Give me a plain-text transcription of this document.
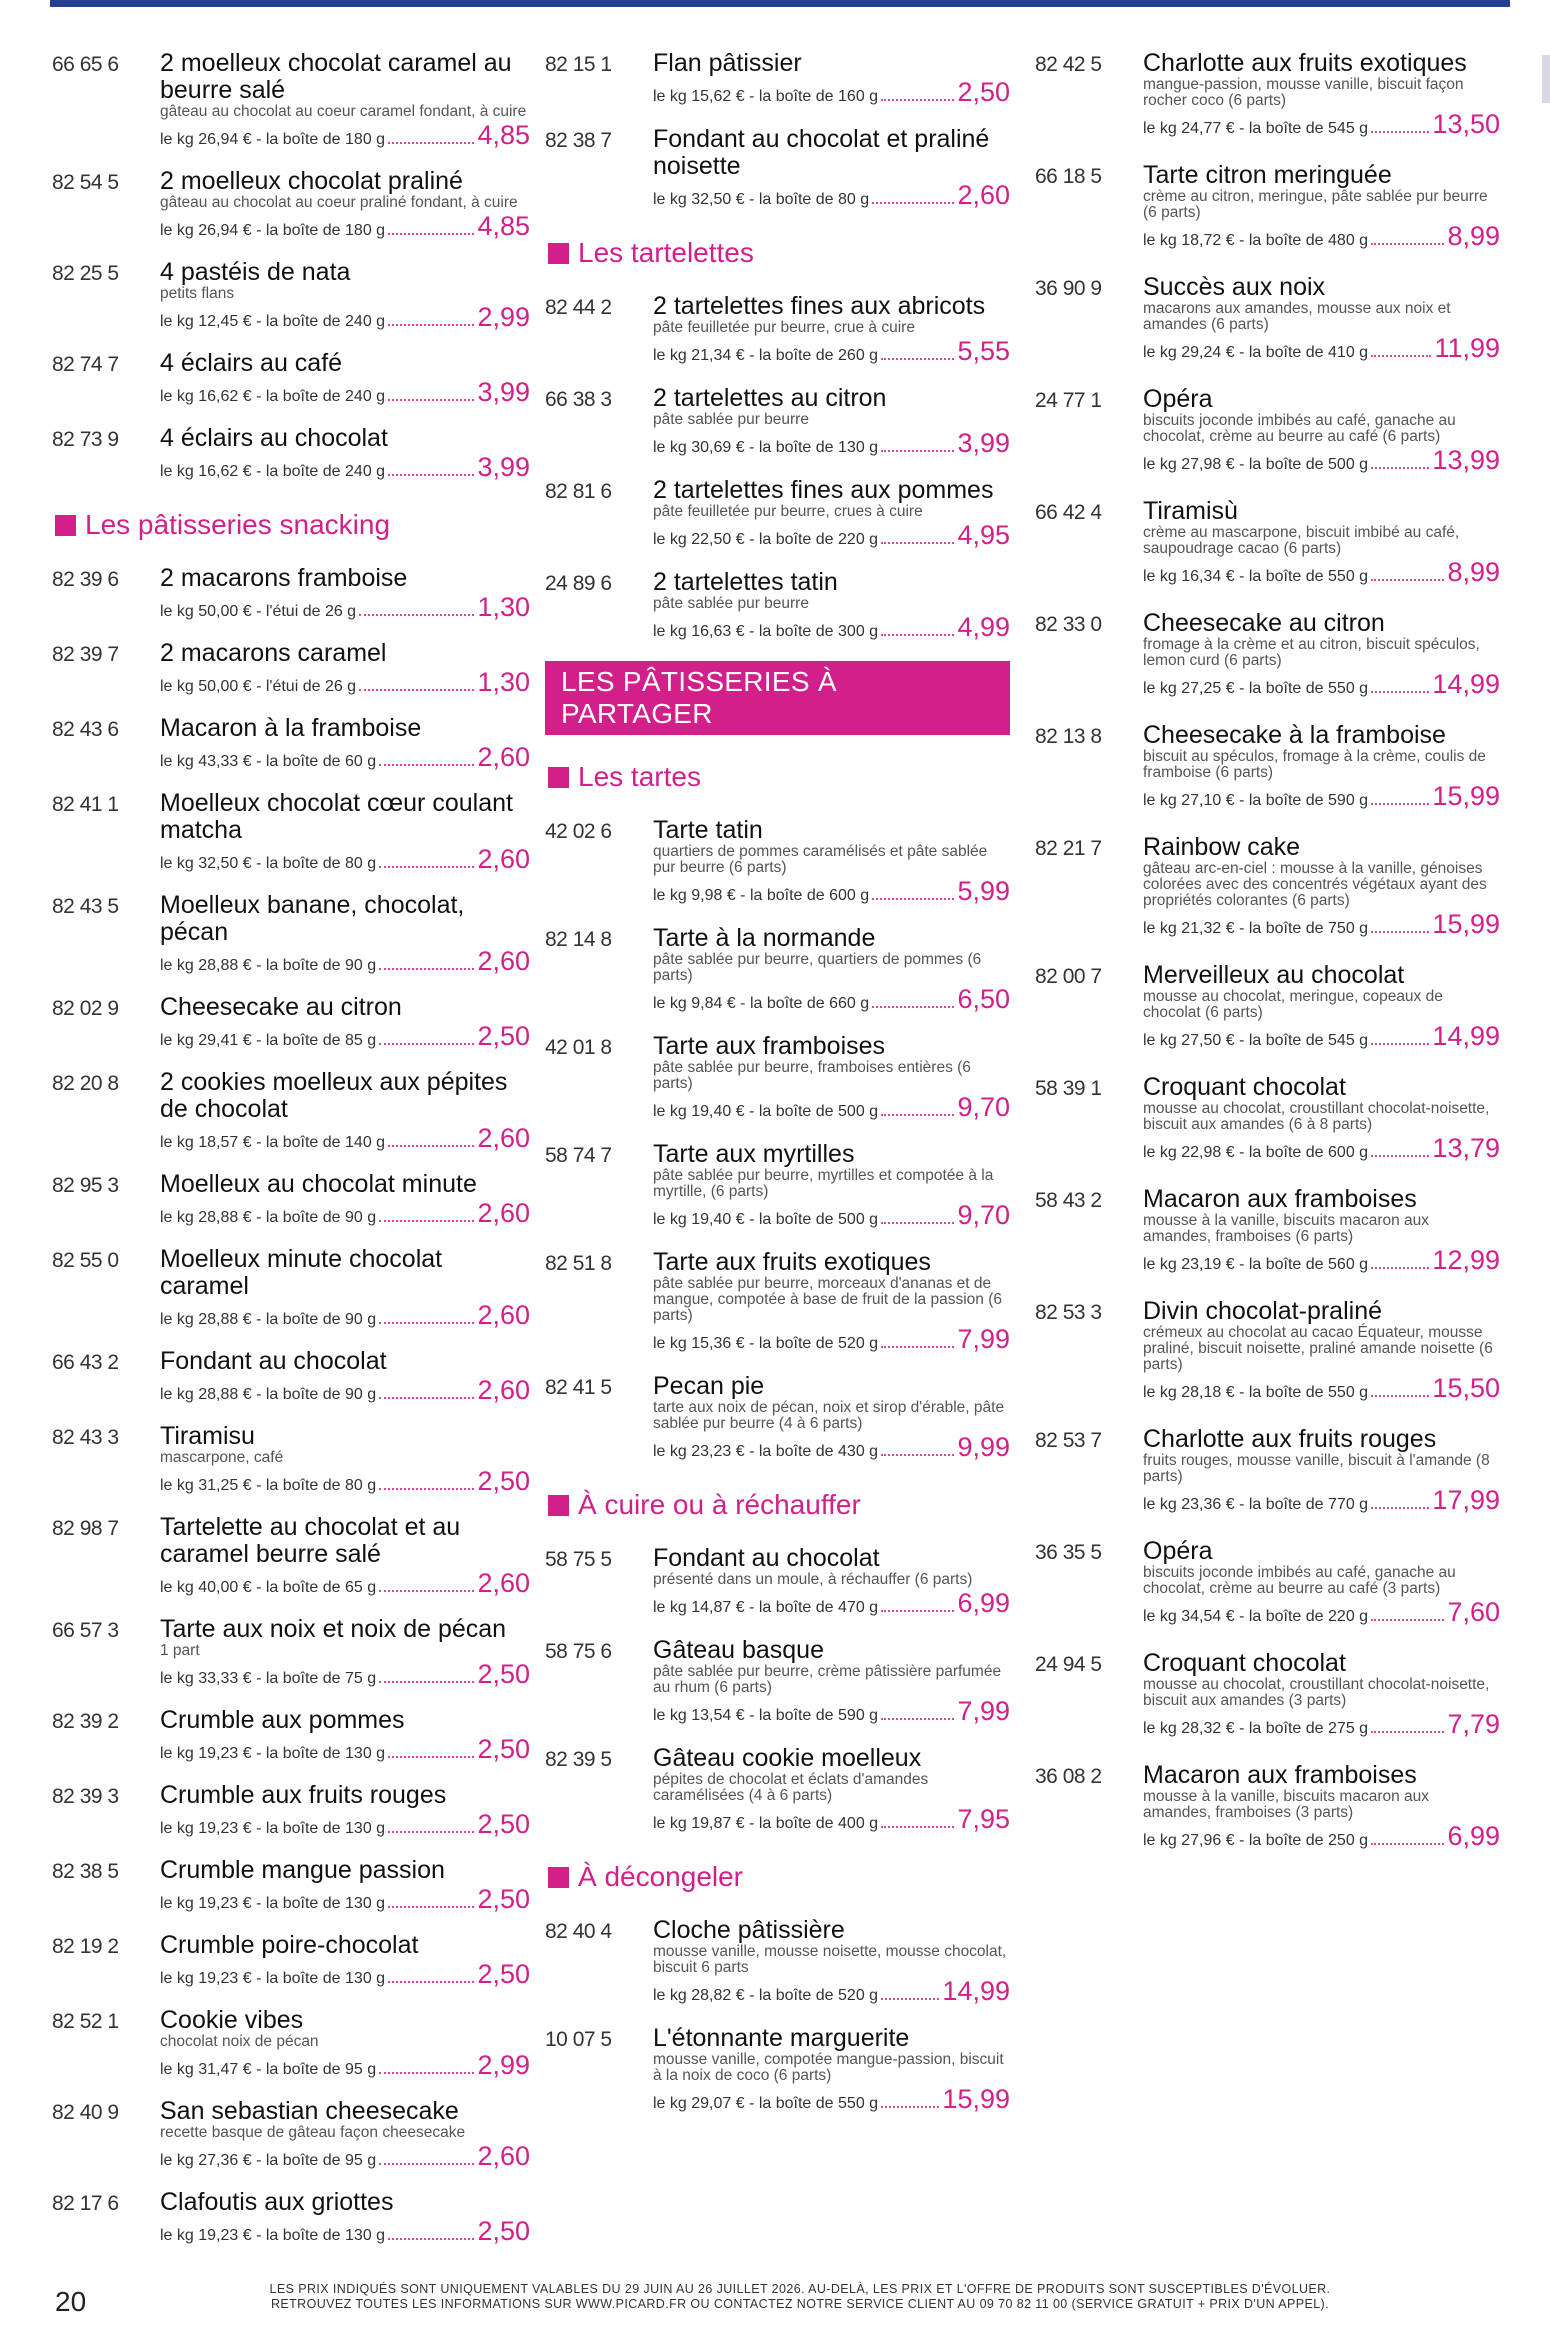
66 65 6	2 moelleux chocolat caramel au beurre salé
gâteau au chocolat au coeur caramel fondant, à cuire
le kg 26,94 € - la boîte de 180 g	4,85
82 54 5	2 moelleux chocolat praliné
gâteau au chocolat au coeur praliné fondant, à cuire
le kg 26,94 € - la boîte de 180 g	4,85
82 25 5	4 pastéis de nata
petits flans
le kg 12,45 € - la boîte de 240 g	2,99
82 74 7	4 éclairs au café
le kg 16,62 € - la boîte de 240 g	3,99
82 73 9	4 éclairs au chocolat
le kg 16,62 € - la boîte de 240 g	3,99
Les pâtisseries snacking
82 39 6	2 macarons framboise
le kg 50,00 € - l'étui de 26 g	1,30
82 39 7	2 macarons caramel
le kg 50,00 € - l'étui de 26 g	1,30
82 43 6	Macaron à la framboise
le kg 43,33 € - la boîte de 60 g	2,60
82 41 1	Moelleux chocolat cœur coulant matcha
le kg 32,50 € - la boîte de 80 g	2,60
82 43 5	Moelleux banane, chocolat, pécan
le kg 28,88 € - la boîte de 90 g	2,60
82 02 9	Cheesecake au citron
le kg 29,41 € - la boîte de 85 g	2,50
82 20 8	2 cookies moelleux aux pépites de chocolat
le kg 18,57 € - la boîte de 140 g	2,60
82 95 3	Moelleux au chocolat minute
le kg 28,88 € - la boîte de 90 g	2,60
82 55 0	Moelleux minute chocolat caramel
le kg 28,88 € - la boîte de 90 g	2,60
66 43 2	Fondant au chocolat
le kg 28,88 € - la boîte de 90 g	2,60
82 43 3	Tiramisu
mascarpone, café
le kg 31,25 € - la boîte de 80 g	2,50
82 98 7	Tartelette au chocolat et au caramel beurre salé
le kg 40,00 € - la boîte de 65 g	2,60
66 57 3	Tarte aux noix et noix de pécan
1 part
le kg 33,33 € - la boîte de 75 g	2,50
82 39 2	Crumble aux pommes
le kg 19,23 € - la boîte de 130 g	2,50
82 39 3	Crumble aux fruits rouges
le kg 19,23 € - la boîte de 130 g	2,50
82 38 5	Crumble mangue passion
le kg 19,23 € - la boîte de 130 g	2,50
82 19 2	Crumble poire-chocolat
le kg 19,23 € - la boîte de 130 g	2,50
82 52 1	Cookie vibes
chocolat noix de pécan
le kg 31,47 € - la boîte de 95 g	2,99
82 40 9	San sebastian cheesecake
recette basque de gâteau façon cheesecake
le kg 27,36 € - la boîte de 95 g	2,60
82 17 6	Clafoutis aux griottes
le kg 19,23 € - la boîte de 130 g	2,50
82 15 1	Flan pâtissier
le kg 15,62 € - la boîte de 160 g	2,50
82 38 7	Fondant au chocolat et praliné noisette
le kg 32,50 € - la boîte de 80 g	2,60
Les tartelettes
82 44 2	2 tartelettes fines aux abricots
pâte feuilletée pur beurre, crue à cuire
le kg 21,34 € - la boîte de 260 g	5,55
66 38 3	2 tartelettes au citron
pâte sablée pur beurre
le kg 30,69 € - la boîte de 130 g	3,99
82 81 6	2 tartelettes fines aux pommes
pâte feuilletée pur beurre, crues à cuire
le kg 22,50 € - la boîte de 220 g	4,95
24 89 6	2 tartelettes tatin
pâte sablée pur beurre
le kg 16,63 € - la boîte de 300 g	4,99
LES PÂTISSERIES À PARTAGER
Les tartes
42 02 6	Tarte tatin
quartiers de pommes caramélisés et pâte sablée pur beurre (6 parts)
le kg 9,98 € - la boîte de 600 g	5,99
82 14 8	Tarte à la normande
pâte sablée pur beurre, quartiers de pommes (6 parts)
le kg 9,84 € - la boîte de 660 g	6,50
42 01 8	Tarte aux framboises
pâte sablée pur beurre, framboises entières (6 parts)
le kg 19,40 € - la boîte de 500 g	9,70
58 74 7	Tarte aux myrtilles
pâte sablée pur beurre, myrtilles et compotée à la myrtille, (6 parts)
le kg 19,40 € - la boîte de 500 g	9,70
82 51 8	Tarte aux fruits exotiques
pâte sablée pur beurre, morceaux d'ananas et de mangue, compotée à base de fruit de la passion (6 parts)
le kg 15,36 € - la boîte de 520 g	7,99
82 41 5	Pecan pie
tarte aux noix de pécan, noix et sirop d'érable, pâte sablée pur beurre (4 à 6 parts)
le kg 23,23 € - la boîte de 430 g	9,99
À cuire ou à réchauffer
58 75 5	Fondant au chocolat
présenté dans un moule, à réchauffer (6 parts)
le kg 14,87 € - la boîte de 470 g	6,99
58 75 6	Gâteau basque
pâte sablée pur beurre, crème pâtissière parfumée au rhum (6 parts)
le kg 13,54 € - la boîte de 590 g	7,99
82 39 5	Gâteau cookie moelleux
pépites de chocolat et éclats d'amandes caramélisées (4 à 6 parts)
le kg 19,87 € - la boîte de 400 g	7,95
À décongeler
82 40 4	Cloche pâtissière
mousse vanille, mousse noisette, mousse chocolat, biscuit 6 parts
le kg 28,82 € - la boîte de 520 g 14,99
10 07 5	L'étonnante marguerite
mousse vanille, compotée mangue-passion, biscuit à la noix de coco (6 parts)
le kg 29,07 € - la boîte de 550 g 15,99
82 42 5	Charlotte aux fruits exotiques
mangue-passion, mousse vanille, biscuit façon rocher coco (6 parts)
le kg 24,77 € - la boîte de 545 g 13,50
66 18 5	Tarte citron meringuée
crème au citron, meringue, pâte sablée pur beurre (6 parts)
le kg 18,72 € - la boîte de 480 g	8,99
36 90 9	Succès aux noix
macarons aux amandes, mousse aux noix et amandes (6 parts)
le kg 29,24 € - la boîte de 410 g 11,99
24 77 1	Opéra
biscuits joconde imbibés au café, ganache au chocolat, crème au beurre au café (6 parts)
le kg 27,98 € - la boîte de 500 g 13,99
66 42 4	Tiramisù
crème au mascarpone, biscuit imbibé au café, saupoudrage cacao (6 parts)
le kg 16,34 € - la boîte de 550 g	8,99
82 33 0	Cheesecake au citron
fromage à la crème et au citron, biscuit spéculos, lemon curd (6 parts)
le kg 27,25 € - la boîte de 550 g 14,99
82 13 8	Cheesecake à la framboise
biscuit au spéculos, fromage à la crème, coulis de framboise (6 parts)
le kg 27,10 € - la boîte de 590 g 15,99
82 21 7	Rainbow cake
gâteau arc-en-ciel : mousse à la vanille, génoises colorées avec des concentrés végétaux ayant des propriétés colorantes (6 parts)
le kg 21,32 € - la boîte de 750 g 15,99
82 00 7	Merveilleux au chocolat
mousse au chocolat, meringue, copeaux de chocolat (6 parts)
le kg 27,50 € - la boîte de 545 g 14,99
58 39 1	Croquant chocolat
mousse au chocolat, croustillant chocolat-noisette, biscuit aux amandes (6 à 8 parts)
le kg 22,98 € - la boîte de 600 g 13,79
58 43 2	Macaron aux framboises
mousse à la vanille, biscuits macaron aux amandes, framboises (6 parts)
le kg 23,19 € - la boîte de 560 g 12,99
82 53 3	Divin chocolat-praliné
crémeux au chocolat au cacao Équateur, mousse praliné, biscuit noisette, praliné amande noisette (6 parts)
le kg 28,18 € - la boîte de 550 g 15,50
82 53 7	Charlotte aux fruits rouges
fruits rouges, mousse vanille, biscuit à l'amande (8 parts)
le kg 23,36 € - la boîte de 770 g 17,99
36 35 5	Opéra
biscuits joconde imbibés au café, ganache au chocolat, crème au beurre au café (3 parts)
le kg 34,54 € - la boîte de 220 g	7,60
24 94 5	Croquant chocolat
mousse au chocolat, croustillant chocolat-noisette, biscuit aux amandes (3 parts)
le kg 28,32 € - la boîte de 275 g	7,79
36 08 2	Macaron aux framboises
mousse à la vanille, biscuits macaron aux amandes, framboises (3 parts)
le kg 27,96 € - la boîte de 250 g	6,99
20	LES PRIX INDIQUÉS SONT UNIQUEMENT VALABLES DU 29 JUIN AU 26 JUILLET 2026. AU-DELÀ, LES PRIX ET L'OFFRE DE PRODUITS SONT SUSCEPTIBLES D'ÉVOLUER.
RETROUVEZ TOUTES LES INFORMATIONS SUR WWW.PICARD.FR OU CONTACTEZ NOTRE SERVICE CLIENT AU 09 70 82 11 00 (SERVICE GRATUIT + PRIX D'UN APPEL).
